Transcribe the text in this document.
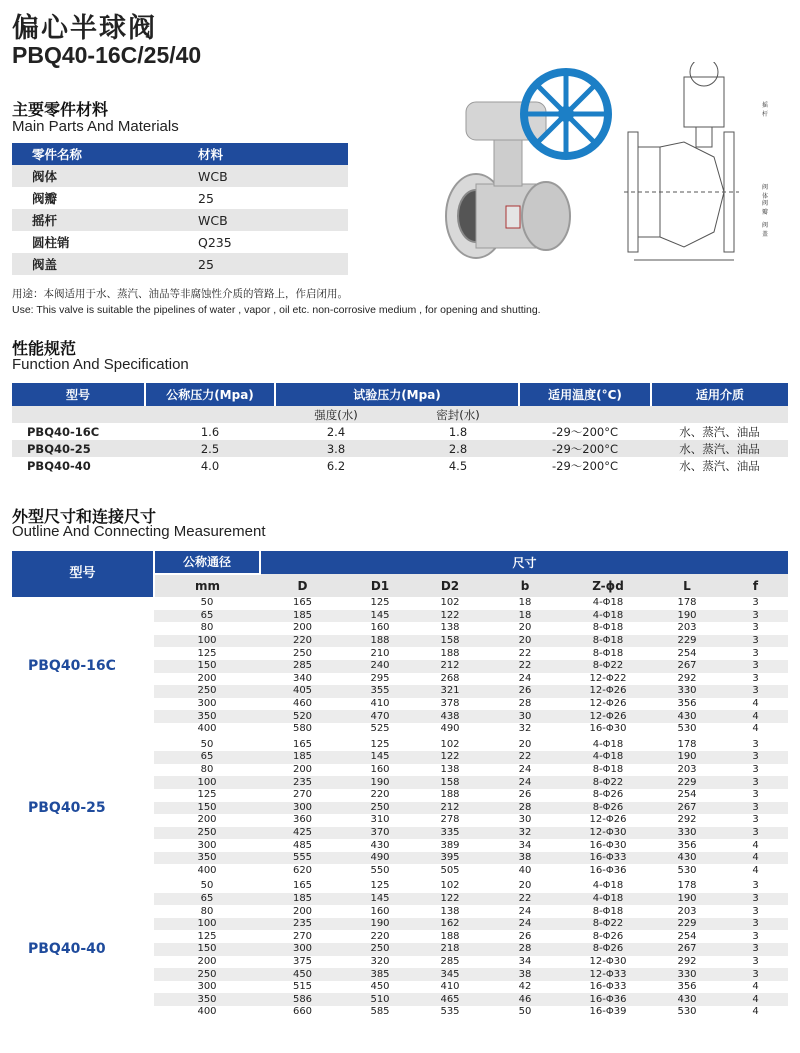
偏心半球阀
PBQ40-16C/25/40
摇杆
阀体
阀盖
阀瓣
主要零件材料
Main Parts And Materials
零件名称	材料
阀体	WCB
阀瓣	25
摇杆	WCB
圆柱销	Q235
阀盖	25
用途：本阀适用于水、蒸汽、油品等非腐蚀性介质的管路上，作启闭用。
Use: This valve is suitable the pipelines of water , vapor , oil etc. non-corrosive medium , for opening and shutting.
性能规范
Function And Specification
型号	公称压力(Mpa)	试验压力(Mpa)		适用温度(°C)	适用介质
		强度(水)	密封(水)		
PBQ40-16C	1.6	2.4	1.8	-29～200°C	水、蒸汽、油品
PBQ40-25	2.5	3.8	2.8	-29～200°C	水、蒸汽、油品
PBQ40-40	4.0	6.2	4.5	-29～200°C	水、蒸汽、油品
外型尺寸和连接尺寸
Outline And Connecting Measurement
型号	公称通径	尺寸						
	mm	D	D1	D2	b	Z-ϕd	L	f
PBQ40-16C	50	165	125	102	18	4-Φ18	178	3
	65	185	145	122	18	4-Φ18	190	3
	80	200	160	138	20	8-Φ18	203	3
	100	220	188	158	20	8-Φ18	229	3
	125	250	210	188	22	8-Φ18	254	3
	150	285	240	212	22	8-Φ22	267	3
	200	340	295	268	24	12-Φ22	292	3
	250	405	355	321	26	12-Φ26	330	3
	300	460	410	378	28	12-Φ26	356	4
	350	520	470	438	30	12-Φ26	430	4
	400	580	525	490	32	16-Φ30	530	4

PBQ40-25	50	165	125	102	20	4-Φ18	178	3
	65	185	145	122	22	4-Φ18	190	3
	80	200	160	138	24	8-Φ18	203	3
	100	235	190	158	24	8-Φ22	229	3
	125	270	220	188	26	8-Φ26	254	3
	150	300	250	212	28	8-Φ26	267	3
	200	360	310	278	30	12-Φ26	292	3
	250	425	370	335	32	12-Φ30	330	3
	300	485	430	389	34	16-Φ30	356	4
	350	555	490	395	38	16-Φ33	430	4
	400	620	550	505	40	16-Φ36	530	4

PBQ40-40	50	165	125	102	20	4-Φ18	178	3
	65	185	145	122	22	4-Φ18	190	3
	80	200	160	138	24	8-Φ18	203	3
	100	235	190	162	24	8-Φ22	229	3
	125	270	220	188	26	8-Φ26	254	3
	150	300	250	218	28	8-Φ26	267	3
	200	375	320	285	34	12-Φ30	292	3
	250	450	385	345	38	12-Φ33	330	3
	300	515	450	410	42	16-Φ33	356	4
	350	586	510	465	46	16-Φ36	430	4
	400	660	585	535	50	16-Φ39	530	4
